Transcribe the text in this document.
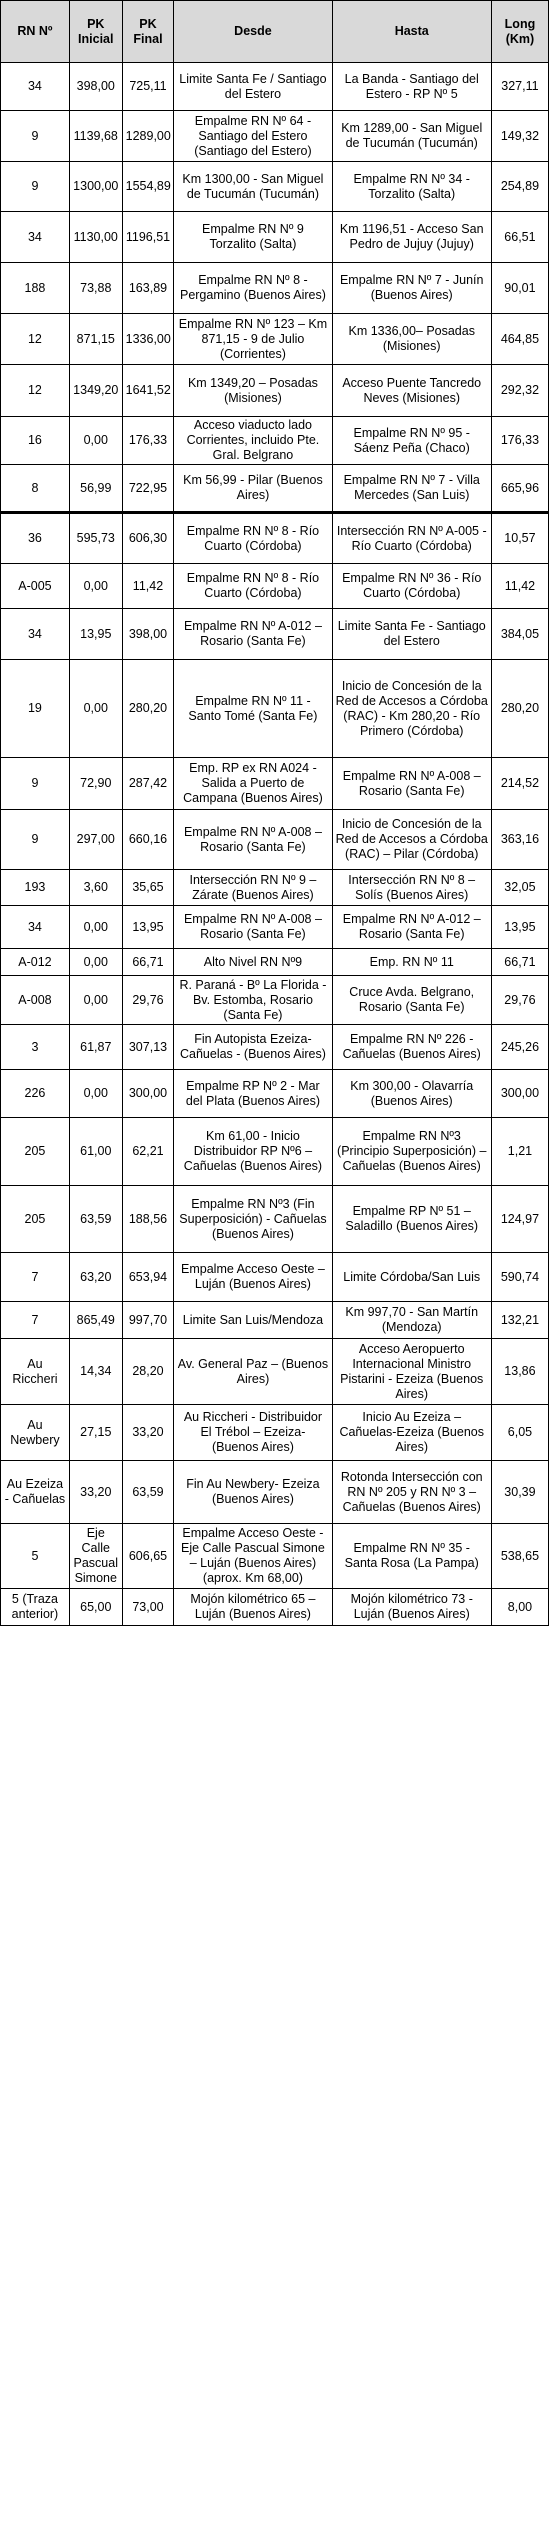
RN Nº	PK Inicial	PK Final	Desde	Hasta	Long (Km)
34	398,00	725,11	Limite Santa Fe / Santiago del Estero	La Banda - Santiago del Estero - RP Nº 5	327,11
9	1139,68	1289,00	Empalme RN Nº 64 - Santiago del Estero (Santiago del Estero)	Km 1289,00 - San Miguel de Tucumán (Tucumán)	149,32
9	1300,00	1554,89	Km 1300,00 - San Miguel de Tucumán (Tucumán)	Empalme RN Nº 34 - Torzalito (Salta)	254,89
34	1130,00	1196,51	Empalme RN Nº 9 Torzalito (Salta)	Km 1196,51 - Acceso San Pedro de Jujuy (Jujuy)	66,51
188	73,88	163,89	Empalme RN Nº 8 - Pergamino (Buenos Aires)	Empalme RN Nº 7 - Junín (Buenos Aires)	90,01
12	871,15	1336,00	Empalme RN Nº 123 – Km 871,15 - 9 de Julio (Corrientes)	Km 1336,00– Posadas (Misiones)	464,85
12	1349,20	1641,52	Km 1349,20 – Posadas (Misiones)	Acceso Puente Tancredo Neves (Misiones)	292,32
16	0,00	176,33	Acceso viaducto lado Corrientes, incluido Pte. Gral. Belgrano	Empalme RN Nº 95 - Sáenz Peña (Chaco)	176,33
8	56,99	722,95	Km 56,99 - Pilar (Buenos Aires)	Empalme RN Nº 7 - Villa Mercedes (San Luis)	665,96
36	595,73	606,30	Empalme RN Nº 8 - Río Cuarto (Córdoba)	Intersección RN Nº A-005 - Río Cuarto (Córdoba)	10,57
A-005	0,00	11,42	Empalme RN Nº 8 - Río Cuarto (Córdoba)	Empalme RN Nº 36 - Río Cuarto (Córdoba)	11,42
34	13,95	398,00	Empalme RN Nº A-012 – Rosario (Santa Fe)	Limite Santa Fe - Santiago del Estero	384,05
19	0,00	280,20	Empalme RN Nº 11 - Santo Tomé (Santa Fe)	Inicio de Concesión de la Red de Accesos a Córdoba (RAC) - Km 280,20 - Río Primero (Córdoba)	280,20
9	72,90	287,42	Emp. RP ex RN A024 - Salida a Puerto de Campana (Buenos Aires)	Empalme RN Nº A-008 – Rosario (Santa Fe)	214,52
9	297,00	660,16	Empalme RN Nº A-008 – Rosario (Santa Fe)	Inicio de Concesión de la Red de Accesos a Córdoba (RAC) – Pilar (Córdoba)	363,16
193	3,60	35,65	Intersección RN Nº 9 – Zárate (Buenos Aires)	Intersección RN Nº 8 –Solís (Buenos Aires)	32,05
34	0,00	13,95	Empalme RN Nº A-008 – Rosario (Santa Fe)	Empalme RN Nº A-012 – Rosario (Santa Fe)	13,95
A-012	0,00	66,71	Alto Nivel RN Nº9	Emp. RN Nº 11	66,71
A-008	0,00	29,76	R. Paraná - Bº La Florida - Bv. Estomba, Rosario (Santa Fe)	Cruce Avda. Belgrano, Rosario (Santa Fe)	29,76
3	61,87	307,13	Fin Autopista Ezeiza-Cañuelas - (Buenos Aires)	Empalme RN Nº 226 - Cañuelas (Buenos Aires)	245,26
226	0,00	300,00	Empalme RP Nº 2 - Mar del Plata (Buenos Aires)	Km 300,00 - Olavarría (Buenos Aires)	300,00
205	61,00	62,21	Km 61,00 - Inicio Distribuidor RP Nº6 – Cañuelas (Buenos Aires)	Empalme RN Nº3 (Principio Superposición) – Cañuelas (Buenos Aires)	1,21
205	63,59	188,56	Empalme RN Nº3 (Fin Superposición) - Cañuelas (Buenos Aires)	Empalme RP Nº 51 – Saladillo (Buenos Aires)	124,97
7	63,20	653,94	Empalme Acceso Oeste – Luján (Buenos Aires)	Limite Córdoba/San Luis	590,74
7	865,49	997,70	Limite San Luis/Mendoza	Km 997,70 - San Martín (Mendoza)	132,21
Au Riccheri	14,34	28,20	Av. General Paz – (Buenos Aires)	Acceso Aeropuerto Internacional Ministro Pistarini - Ezeiza (Buenos Aires)	13,86
Au Newbery	27,15	33,20	Au Riccheri - Distribuidor El Trébol – Ezeiza-(Buenos Aires)	Inicio Au Ezeiza – Cañuelas-Ezeiza (Buenos Aires)	6,05
Au Ezeiza - Cañuelas	33,20	63,59	Fin Au Newbery- Ezeiza (Buenos Aires)	Rotonda Intersección con RN Nº 205 y RN Nº 3 – Cañuelas (Buenos Aires)	30,39
5	Eje Calle Pascual Simone	606,65	Empalme Acceso Oeste - Eje Calle Pascual Simone – Luján (Buenos Aires) (aprox. Km 68,00)	Empalme RN Nº 35 - Santa Rosa (La Pampa)	538,65
5 (Traza anterior)	65,00	73,00	Mojón kilométrico 65 – Luján (Buenos Aires)	Mojón kilométrico 73 - Luján (Buenos Aires)	8,00
